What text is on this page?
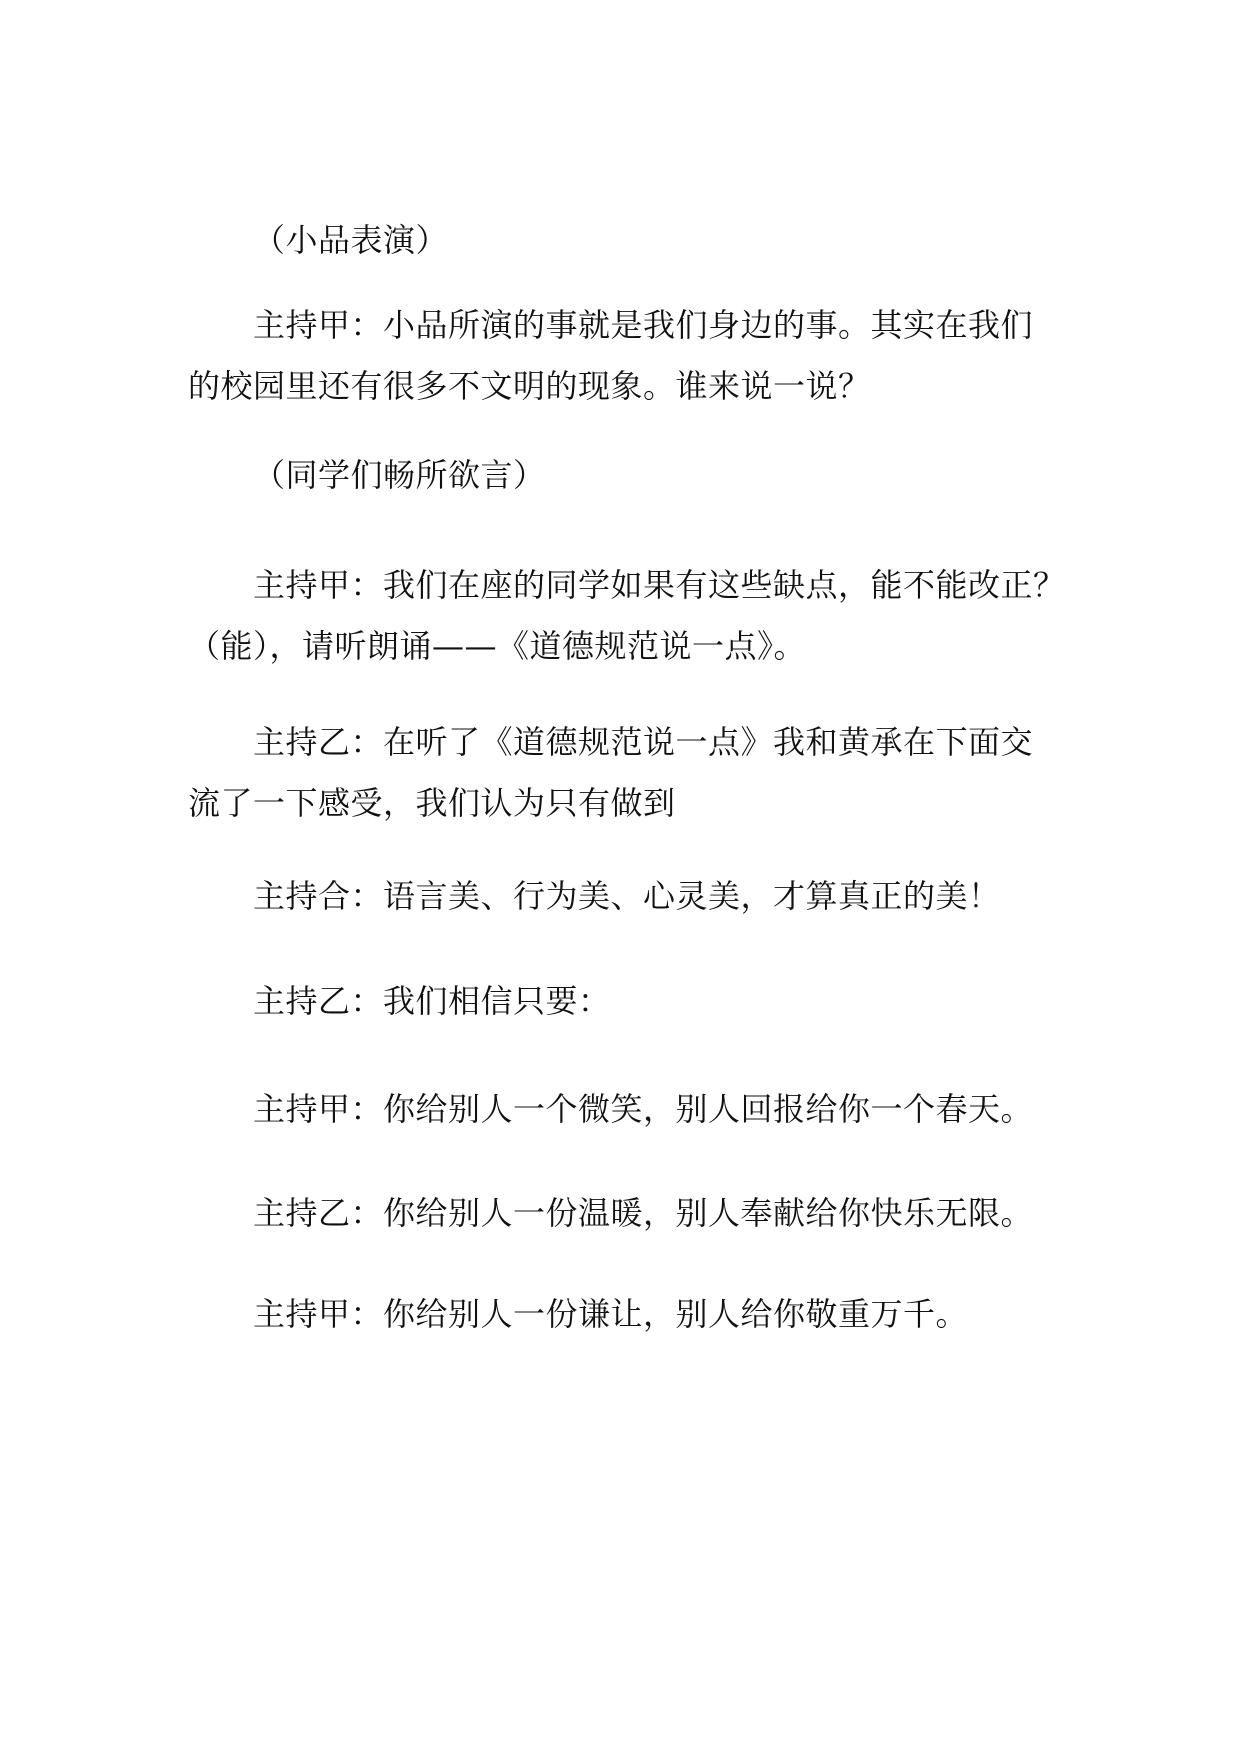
（小品表演）

主持甲：小品所演的事就是我们身边的事。其实在我们
的校园里还有很多不文明的现象。谁来说一说？

（同学们畅所欲言）

主持甲：我们在座的同学如果有这些缺点，能不能改正？
（能），请听朗诵——《道德规范说一点》。

主持乙：在听了《道德规范说一点》我和黄承在下面交
流了一下感受，我们认为只有做到

主持合：语言美、行为美、心灵美，才算真正的美！

主持乙：我们相信只要：

主持甲：你给别人一个微笑，别人回报给你一个春天。

主持乙：你给别人一份温暖，别人奉献给你快乐无限。

主持甲：你给别人一份谦让，别人给你敬重万千。
